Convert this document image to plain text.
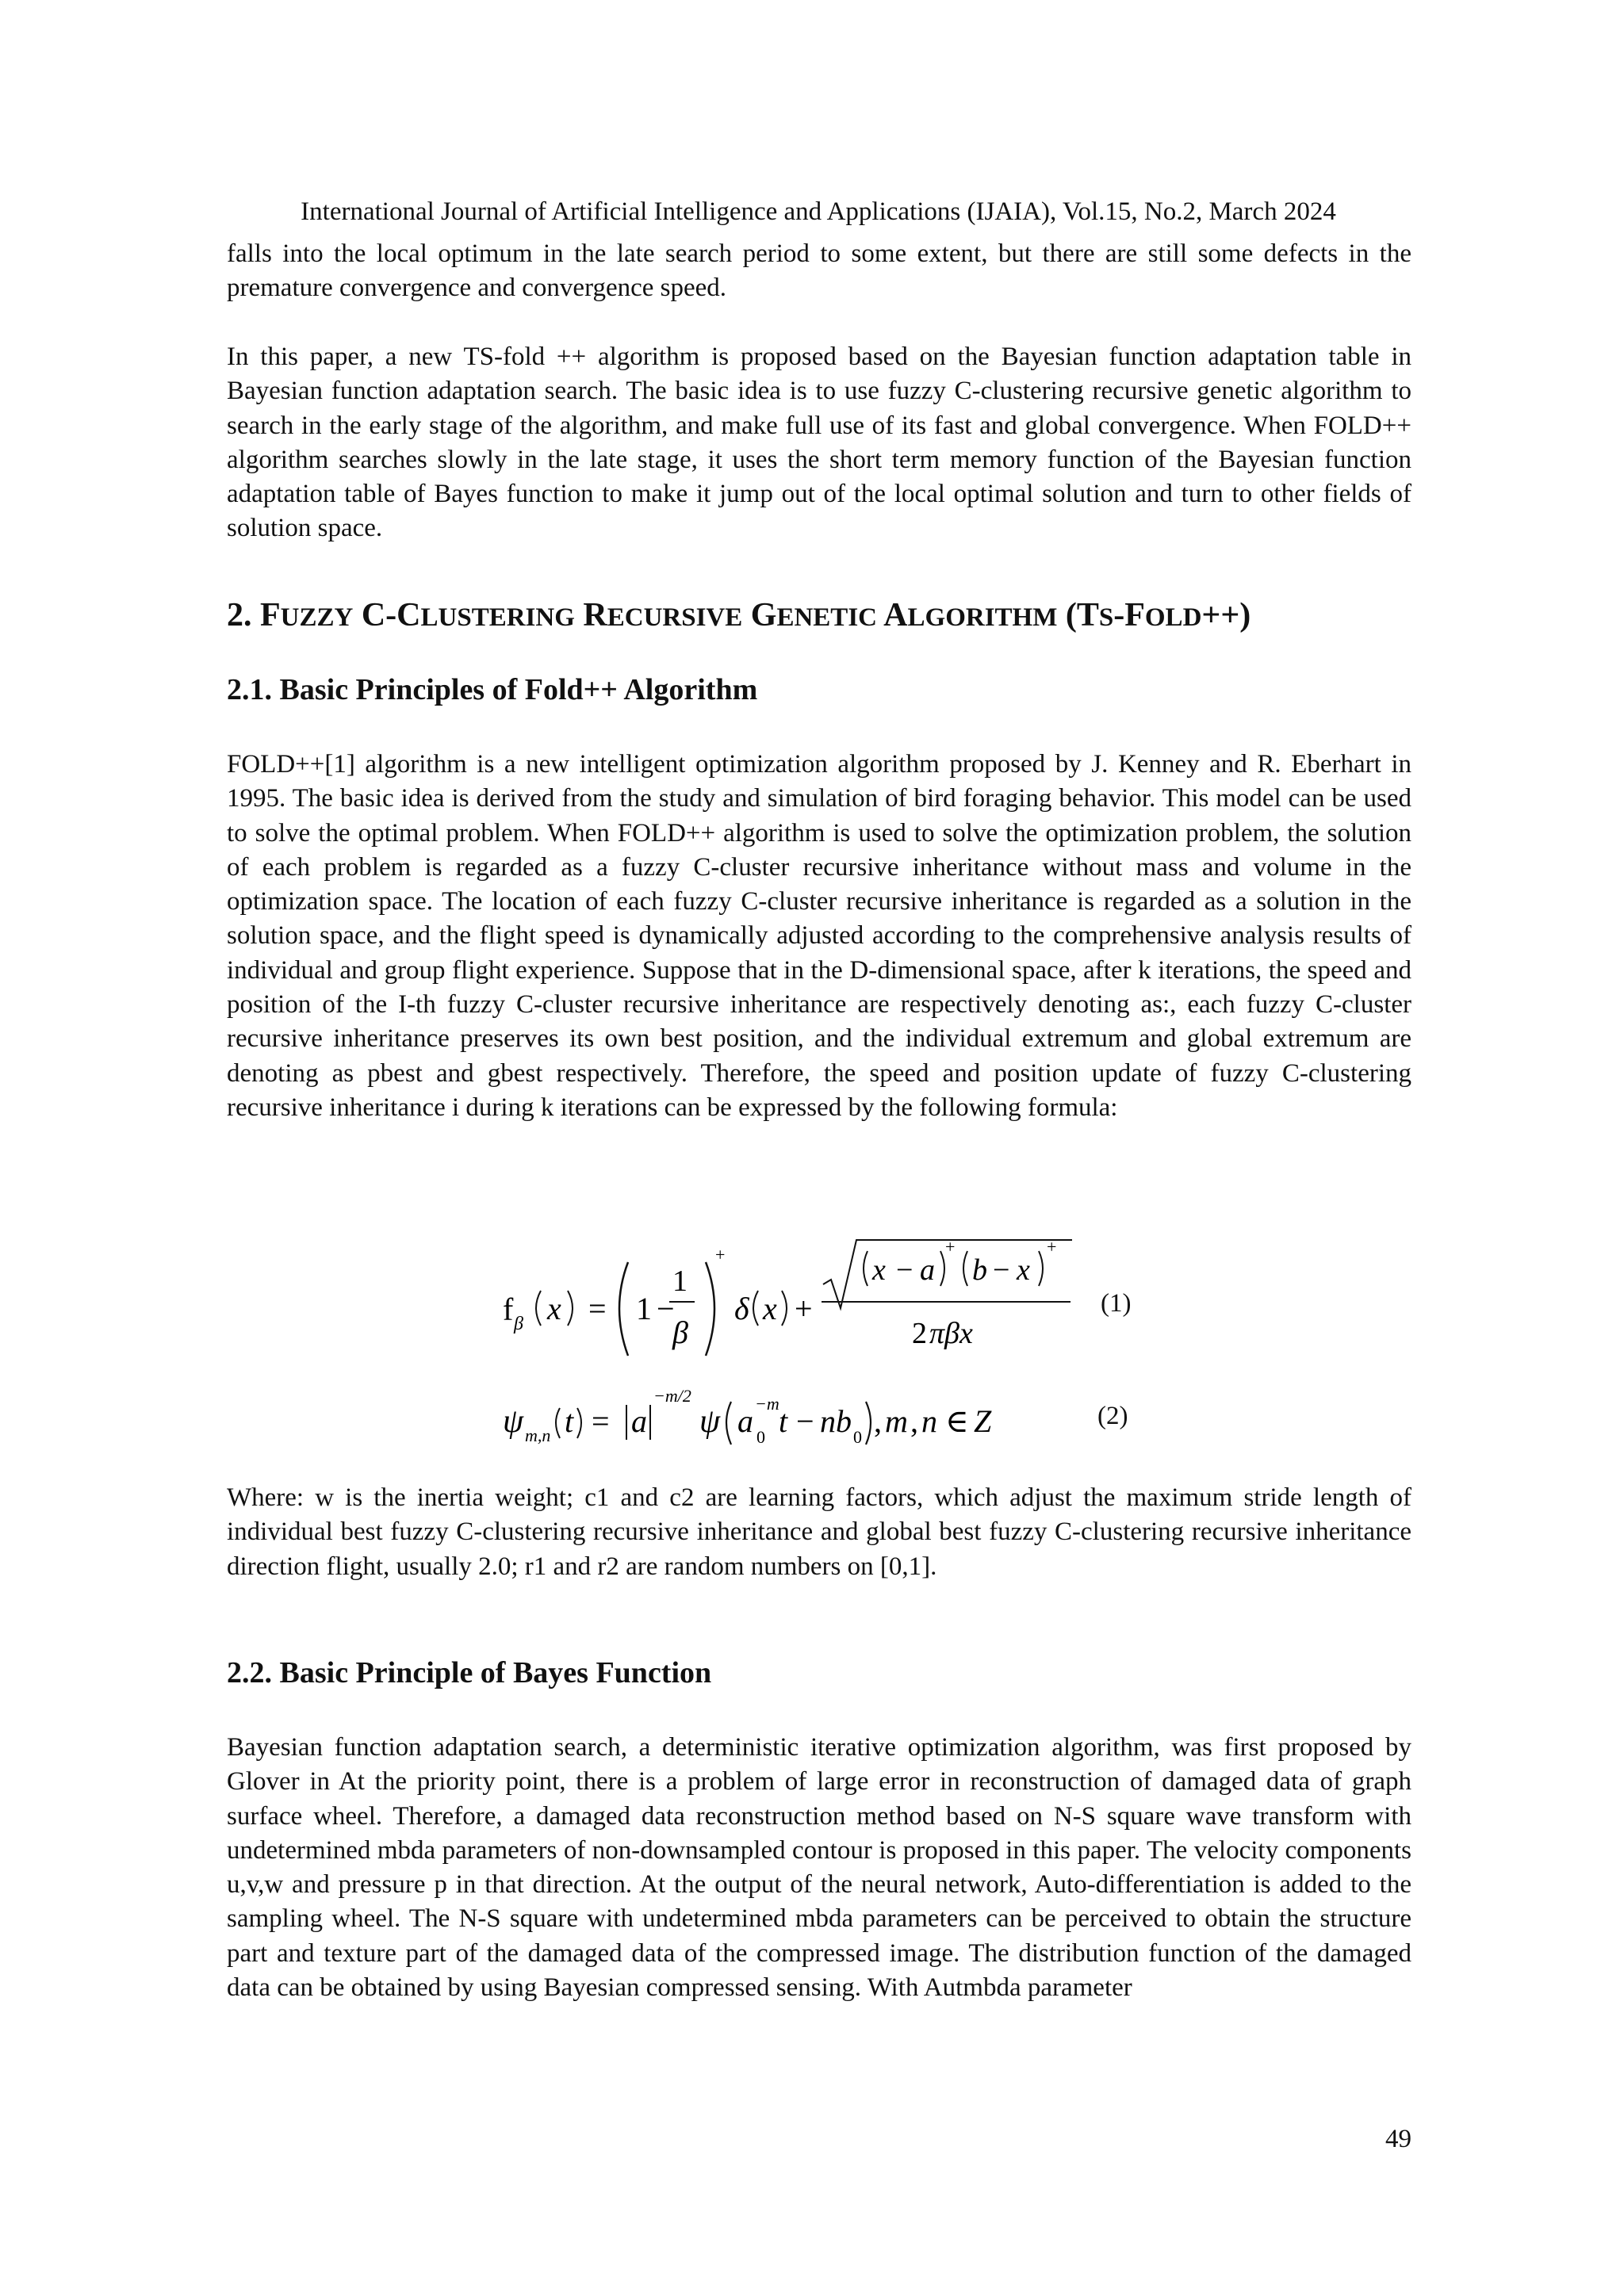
International Journal of Artificial Intelligence and Applications (IJAIA), Vol.15, No.2, March 2024
falls into the local optimum in the late search period to some extent, but there are still some defects in the premature convergence and convergence speed.
In this paper, a new TS-fold ++ algorithm is proposed based on the Bayesian function adaptation table in Bayesian function adaptation search. The basic idea is to use fuzzy C-clustering recursive genetic algorithm to search in the early stage of the algorithm, and make full use of its fast and global convergence. When FOLD++ algorithm searches slowly in the late stage, it uses the short term memory function of the Bayesian function adaptation table of Bayes function to make it jump out of the local optimal solution and turn to other fields of solution space.
2. FUZZY C-CLUSTERING RECURSIVE GENETIC ALGORITHM (TS-FOLD++)
2.1. Basic Principles of Fold++ Algorithm
FOLD++[1] algorithm is a new intelligent optimization algorithm proposed by J. Kenney and R. Eberhart in 1995. The basic idea is derived from the study and simulation of bird foraging behavior. This model can be used to solve the optimal problem. When FOLD++ algorithm is used to solve the optimization problem, the solution of each problem is regarded as a fuzzy C-cluster recursive inheritance without mass and volume in the optimization space. The location of each fuzzy C-cluster recursive inheritance is regarded as a solution in the solution space, and the flight speed is dynamically adjusted according to the comprehensive analysis results of individual and group flight experience. Suppose that in the D-dimensional space, after k iterations, the speed and position of the I-th fuzzy C-cluster recursive inheritance are respectively denoting as:, each fuzzy C-cluster recursive inheritance preserves its own best position, and the individual extremum and global extremum are denoting as pbest and gbest respectively. Therefore, the speed and position update of fuzzy C-clustering recursive inheritance i during k iterations can be expressed by the following formula:
f β x = 1 −
1
β
+
δ x +
x − a
+
b − x
+
2 πβx
(1)
ψ m,n t = a
−m/2
ψ a 0
−m t − nb 0 , m , n ∈ Z	(2)
Where: w is the inertia weight; c1 and c2 are learning factors, which adjust the maximum stride length of individual best fuzzy C-clustering recursive inheritance and global best fuzzy C-clustering recursive inheritance direction flight, usually 2.0; r1 and r2 are random numbers on [0,1].
2.2. Basic Principle of Bayes Function
Bayesian function adaptation search, a deterministic iterative optimization algorithm, was first proposed by Glover in At the priority point, there is a problem of large error in reconstruction of damaged data of graph surface wheel. Therefore, a damaged data reconstruction method based on N-S square wave transform with undetermined mbda parameters of non-downsampled contour is proposed in this paper. The velocity components u,v,w and pressure p in that direction. At the output of the neural network, Auto-differentiation is added to the sampling wheel. The N-S square with undetermined mbda parameters can be perceived to obtain the structure part and texture part of the damaged data of the compressed image. The distribution function of the damaged data can be obtained by using Bayesian compressed sensing. With Autmbda parameter
49
